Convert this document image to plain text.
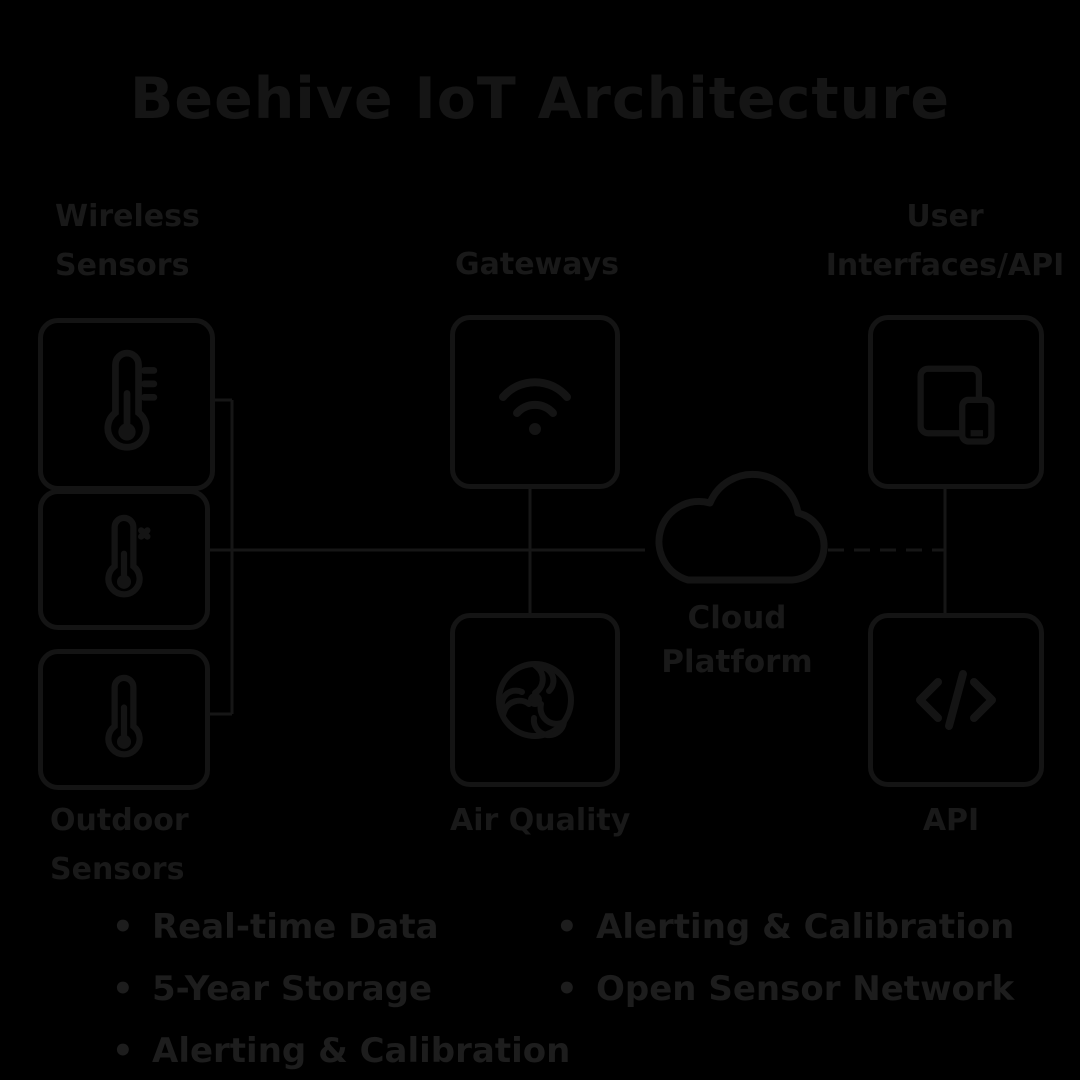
Beehive IoT Architecture
Wireless
Sensors	Gateways
User
Interfaces/API
Outdoor
Sensors
Air Quality	API
Cloud
Platform
• Real-time Data
• 5-Year Storage
• Alerting & Calibration
• Alerting & Calibration
• Open Sensor Network
